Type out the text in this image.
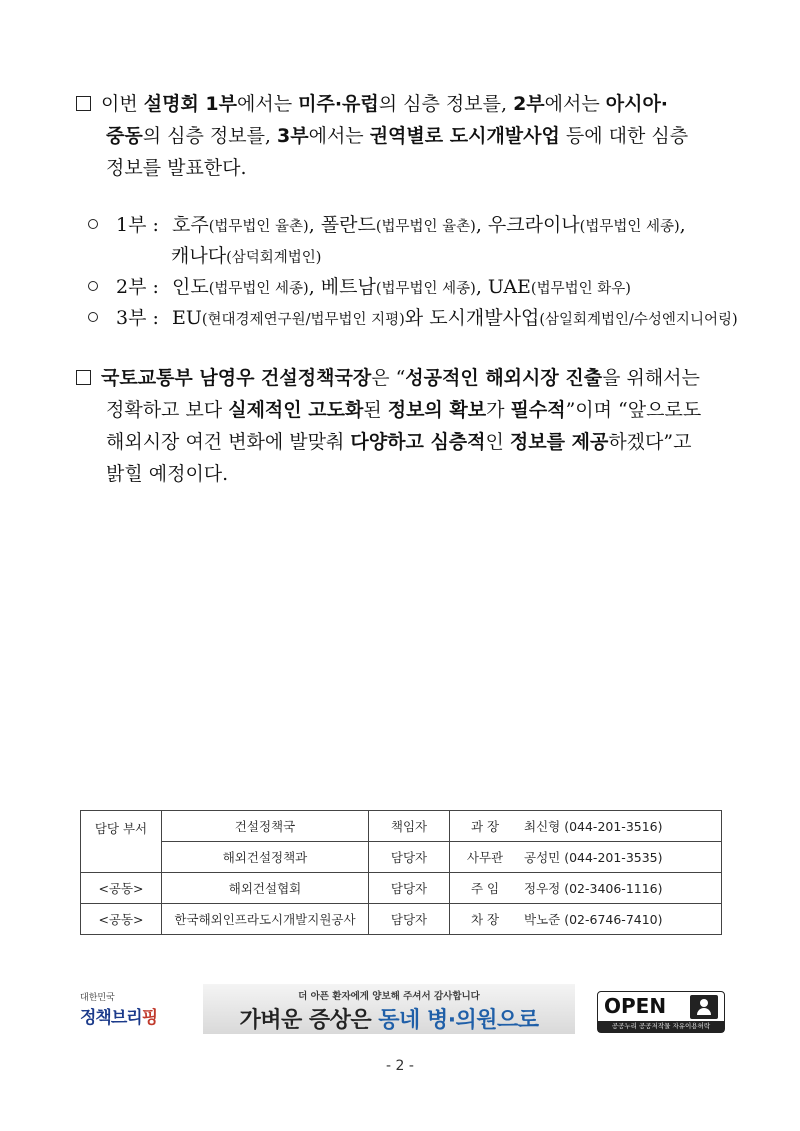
이번 설명회 1부에서는 미주·유럽의 심층 정보를, 2부에서는 아시아·
중동의 심층 정보를, 3부에서는 권역별로 도시개발사업 등에 대한 심층
정보를 발표한다.
1부 : 호주(법무법인 율촌), 폴란드(법무법인 율촌), 우크라이나(법무법인 세종),
캐나다(삼덕회계법인)
2부 : 인도(법무법인 세종), 베트남(법무법인 세종), UAE(법무법인 화우)
3부 : EU(현대경제연구원/법무법인 지평)와 도시개발사업(삼일회계법인/수성엔지니어링)
국토교통부 남영우 건설정책국장은 “성공적인 해외시장 진출을 위해서는
정확하고 보다 실제적인 고도화된 정보의 확보가 필수적”이며 “앞으로도
해외시장 여건 변화에 발맞춰 다양하고 심층적인 정보를 제공하겠다”고
밝힐 예정이다.
담당 부서	건설정책국	책임자	과 장	최신형 (044-201-3516)
	해외건설정책과	담당자	사무관	공성민 (044-201-3535)
<공동>	해외건설협회	담당자	주 임	정우정 (02-3406-1116)
<공동>	한국해외인프라도시개발지원공사	담당자	차 장	박노준 (02-6746-7410)
대한민국
정책브리핑
더 아픈 환자에게 양보해 주셔서 감사합니다
가벼운 증상은 동네 병·의원으로
OPEN
공공누리 공공저작물 자유이용허락
- 2 -
